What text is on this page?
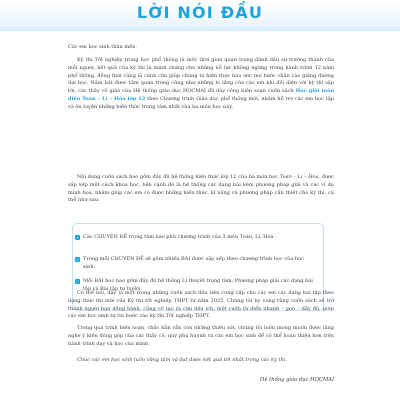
LỜI NÓI ĐẦU

Các em học sinh thân mến,

Kỳ thi Tốt nghiệp trung học phổ thông là mốc thời gian quan trọng đánh dấu sự trưởng thành của mỗi người, kết quả của kỳ thi là minh chứng cho những nỗ lực không ngừng trong hành trình 12 năm phổ thông, đồng thời cũng là cánh cửa giúp chúng ta hiện thực hóa ước mơ bước chân vào giảng đường đại học. Nắm bắt được tầm quan trọng cũng như những lo lắng của các em khi đối diện với kỳ thi sắp tới, các thầy cô giáo của Hệ thống giáo dục HOCMAI đã dày công biên soạn cuốn sách Học giỏi toán điện Toán – Lí – Hóa lớp 12 theo Chương trình Giáo dục phổ thông mới, nhằm hỗ trợ các em học tập và ôn luyện những kiến thức trọng tâm nhất của ba môn học này.

Nội dung cuốn sách bao gồm đầy đủ hệ thống kiến thức lớp 12 của ba môn học Toán – Lí – Hóa, được sắp xếp một cách khoa học, bên cạnh đó là hệ thống các dạng bài kèm phương pháp giải và các ví dụ minh họa, nhằm giúp các em có được những kiến thức, kĩ năng và phương pháp cần thiết cho kỳ thi, cụ thể như sau:

✓ Các CHUYÊN ĐỀ trọng tâm bao phủ chương trình của 3 môn Toán, Lí, Hóa.
✓ Trong mỗi CHUYÊN ĐỀ sẽ gồm nhiều BÀI được sắp xếp theo chương trình học của học sinh.
✓ Mỗi BÀI học bao gồm đầy đủ hệ thống Lí thuyết trọng tâm, Phương pháp giải các dạng bài tập và Bài tập tự luyện.

Có thể nói, đây là một trong những cuốn sách đầu tiên cung cấp cho các em các dạng bài tập theo dạng thức thi mới của Kỳ thi tốt nghiệp THPT từ năm 2025. Chúng tôi hy vọng rằng cuốn sách sẽ trở thành người bạn đồng hành, cũng cố tạo ra cửu liệu ích, một cuốn từ điển nhanh – gọn – đầy đủ, giúp các em học sinh tự tin bước vào kỳ thi Tốt nghiệp THPT.

Trong quá trình biên soạn, chắc hẳn vẫn còn những thiếu sót, chúng tôi luôn mong muốn được lắng nghe ý kiến đóng góp của các thầy cô, quý phụ huynh và các em học sinh để có thể hoàn thiện hơn trên hành trình dạy và học của mình.

Chúc các em học sinh luôn vững tâm và đạt được kết quả tốt nhất trong các kỳ thi.

Hệ thống giáo dục HOCMAI
